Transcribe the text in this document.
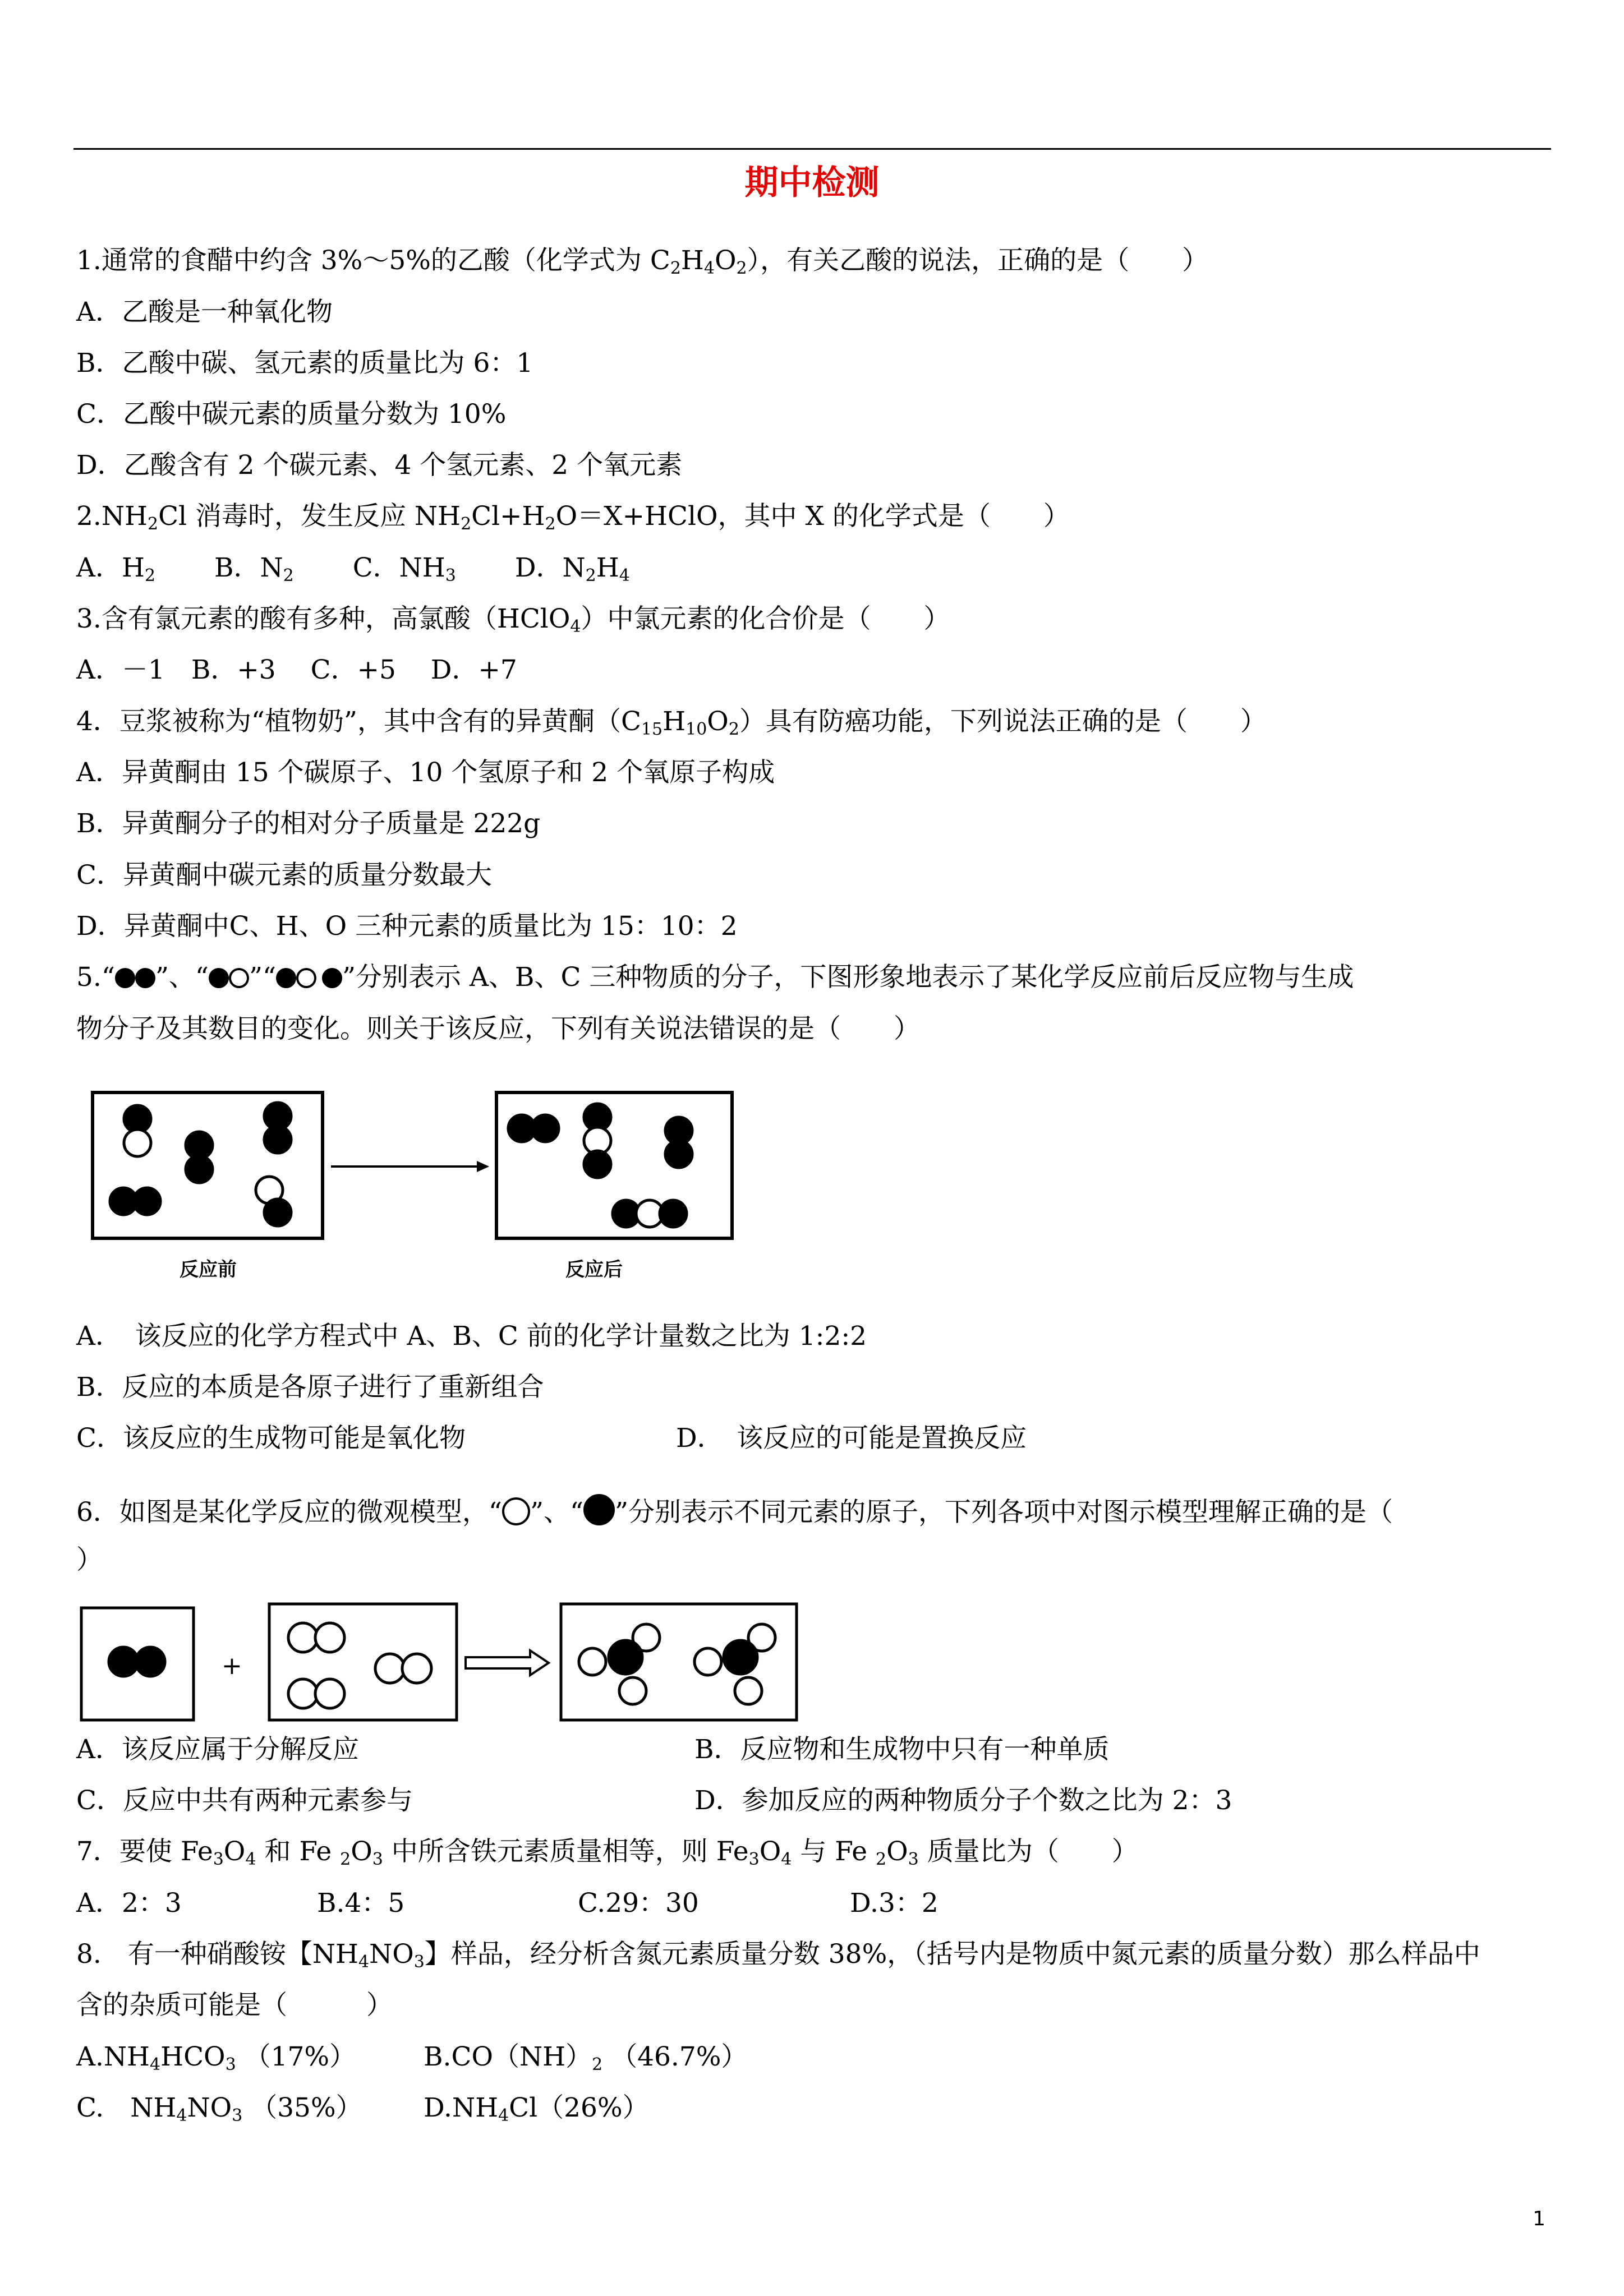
期中检测
1.通常的食醋中约含 3%～5%的乙酸（化学式为 $C_2H_4O_2$），有关乙酸的说法，正确的是（　　）
A．乙酸是一种氧化物
B．乙酸中碳、氢元素的质量比为 6：1
C．乙酸中碳元素的质量分数为 10%
D．乙酸含有 2 个碳元素、4 个氢元素、2 个氧元素
$2.NH_2Cl$ 消毒时，发生反应 $NH_2Cl+H_2O=X+HClO$，其中 X 的化学式是（　　）
A．$H_2$ B．$N_2$ C．$NH_3$ D．$N_2H_4$
3.含有氯元素的酸有多种，高氯酸（HClO$_4$）中氯元素的化合价是（　　）
A．－1　B．+3　 C．+5　 D．+7
4．豆浆被称为“植物奶”，其中含有的异黄酮$(C_{15}H_{10}O_2)$具有防癌功能，下列说法正确的是（　　）
A．异黄酮由 15 个碳原子、10 个氢原子和 2 个氧原子构成
B．异黄酮分子的相对分子质量是 222g
C．异黄酮中碳元素的质量分数最大
D．异黄酮中C、H、O 三种元素的质量比为 15：10：2
5.“ ”、“ ”“	”分别表示 A、B、C 三种物质的分子，下图形象地表示了某化学反应前后反应物与生成
物分子及其数目的变化。则关于该反应，下列有关说法错误的是（　　）
反应前	反应后
A．　该反应的化学方程式中 A、B、C 前的化学计量数之比为 1:2:2
B．反应的本质是各原子进行了重新组合
C．该反应的生成物可能是氧化物	D．　该反应的可能是置换反应
6．如图是某化学反应的微观模型，“ ”、“ ”分别表示不同元素的原子，下列各项中对图示模型理解正确的是（
）
+
A．该反应属于分解反应	B．反应物和生成物中只有一种单质
C．反应中共有两种元素参与	D．参加反应的两种物质分子个数之比为 2：3
7．要使 $Fe_3O_4$ 和 Fe $_2O_3$ 中所含铁元素质量相等，则 $Fe_3O_4$ 与 Fe $_2O_3$ 质量比为（　　）
A．2：3	B.4：5	C.29：30	D.3：2
8.　有一种硝酸铵【$NH_4NO_3$】样品，经分析含氮元素质量分数 38%，（括号内是物质中氮元素的质量分数）那么样品中
含的杂质可能是（　　　）
$A.NH_4HCO_3$ （17%）	$B.CO(NH)_2$ （46.7%）
C.　$NH_4NO_3$ （35%） $D.NH_4Cl(26\%)$
1
